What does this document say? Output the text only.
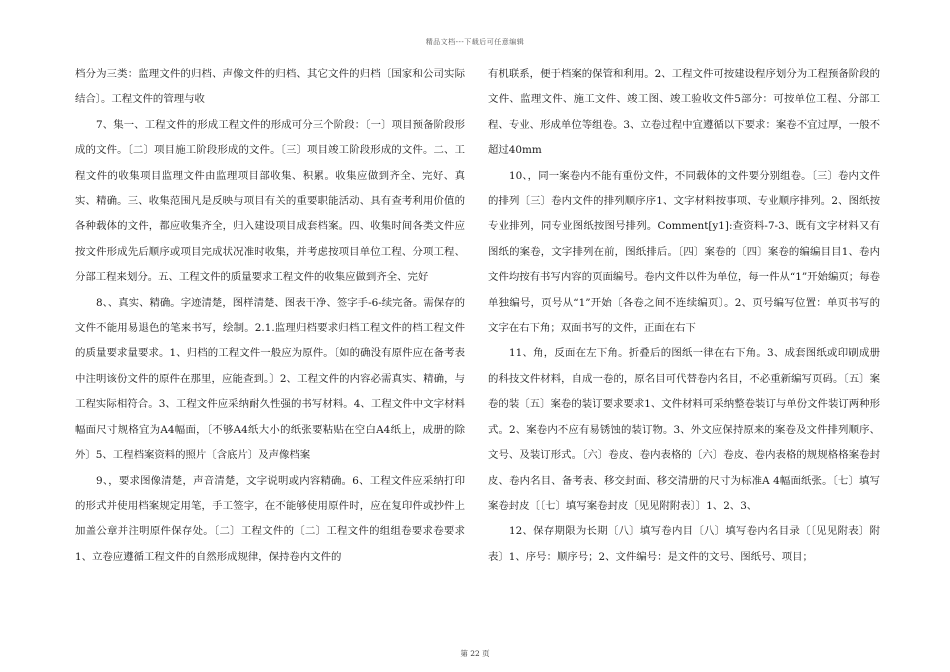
精品文档---下载后可任意编辑

档分为三类：监理文件的归档、声像文件的归档、其它文件的归档〔国家和公司实际结合〕。工程文件的管理与收

7、集一、工程文件的形成工程文件的形成可分三个阶段：〔一〕项目预备阶段形成的文件。〔二〕项目施工阶段形成的文件。〔三〕项目竣工阶段形成的文件。二、工程文件的收集项目监理文件由监理项目部收集、积累。收集应做到齐全、完好、真实、精确。三、收集范围凡是反映与项目有关的重要职能活动、具有查考利用价值的各种载体的文件，都应收集齐全，归入建设项目成套档案。四、收集时间各类文件应按文件形成先后顺序或项目完成状况准时收集，并考虑按项目单位工程、分项工程、分部工程来划分。五、工程文件的质量要求工程文件的收集应做到齐全、完好

8、、真实、精确。字迹清楚，图样清楚、图表干净、签字手-6-续完备。需保存的文件不能用易退色的笔来书写，绘制。2.1.监理归档要求归档工程文件的档工程文件的质量要求量要求。1、归档的工程文件一般应为原件。〔如的确没有原件应在备考表中注明该份文件的原件在那里，应能查到。〕2、工程文件的内容必需真实、精确，与工程实际相符合。3、工程文件应采纳耐久性强的书写材料。4、工程文件中文字材料幅面尺寸规格宜为A4幅面，〔不够A4纸大小的纸张要粘贴在空白A4纸上，成册的除外〕5、工程档案资料的照片〔含底片〕及声像档案

9、，要求图像清楚，声音清楚，文字说明或内容精确。6、工程文件应采纳打印的形式并使用档案规定用笔，手工签字，在不能够使用原件时，应在复印件或抄件上加盖公章并注明原件保存处。〔二〕工程文件的〔二〕工程文件的组组卷要求卷要求1、立卷应遵循工程文件的自然形成规律，保持卷内文件的

有机联系，便于档案的保管和利用。2、工程文件可按建设程序划分为工程预备阶段的文件、监理文件、施工文件、竣工图、竣工验收文件5部分：可按单位工程、分部工程、专业、形成单位等组卷。3、立卷过程中宜遵循以下要求：案卷不宜过厚，一般不超过40mm

10、，同一案卷内不能有重份文件，不同载体的文件要分别组卷。〔三〕卷内文件的排列〔三〕卷内文件的排列顺序序1、文字材料按事项、专业顺序排列。2、图纸按专业排列，同专业图纸按图号排列。Comment[y1]:查资料-7-3、既有文字材料又有图纸的案卷，文字排列在前，图纸排后。〔四〕案卷的〔四〕案卷的编编目目1、卷内文件均按有书写内容的页面编号。卷内文件以件为单位，每一件从“1”开始编页；每卷单独编号，页号从“1”开始〔各卷之间不连续编页〕。2、页号编写位置：单页书写的文字在右下角；双面书写的文件，正面在右下

11、角，反面在左下角。折叠后的图纸一律在右下角。3、成套图纸或印刷成册的科技文件材料，自成一卷的，原名目可代替卷内名目，不必重新编写页码。〔五〕案卷的装〔五〕案卷的装订要求要求1、文件材料可采纳整卷装订与单份文件装订两种形式。2、案卷内不应有易锈蚀的装订物。3、外文应保持原来的案卷及文件排列顺序、文号、及装订形式。〔六〕卷皮、卷内表格的〔六〕卷皮、卷内表格的规规格格案卷封皮、卷内名目、备考表、移交封面、移交清册的尺寸为标准A 4幅面纸张。〔七〕填写案卷封皮〔〔七〕填写案卷封皮〔见见附附表〕〕1、2、3、

12、保存期限为长期〔八〕填写卷内目〔八〕填写卷内名目录〔〔见见附表〕附表〕1、序号：顺序号；2、文件编号：是文件的文号、图纸号、项目；

第 22 页
